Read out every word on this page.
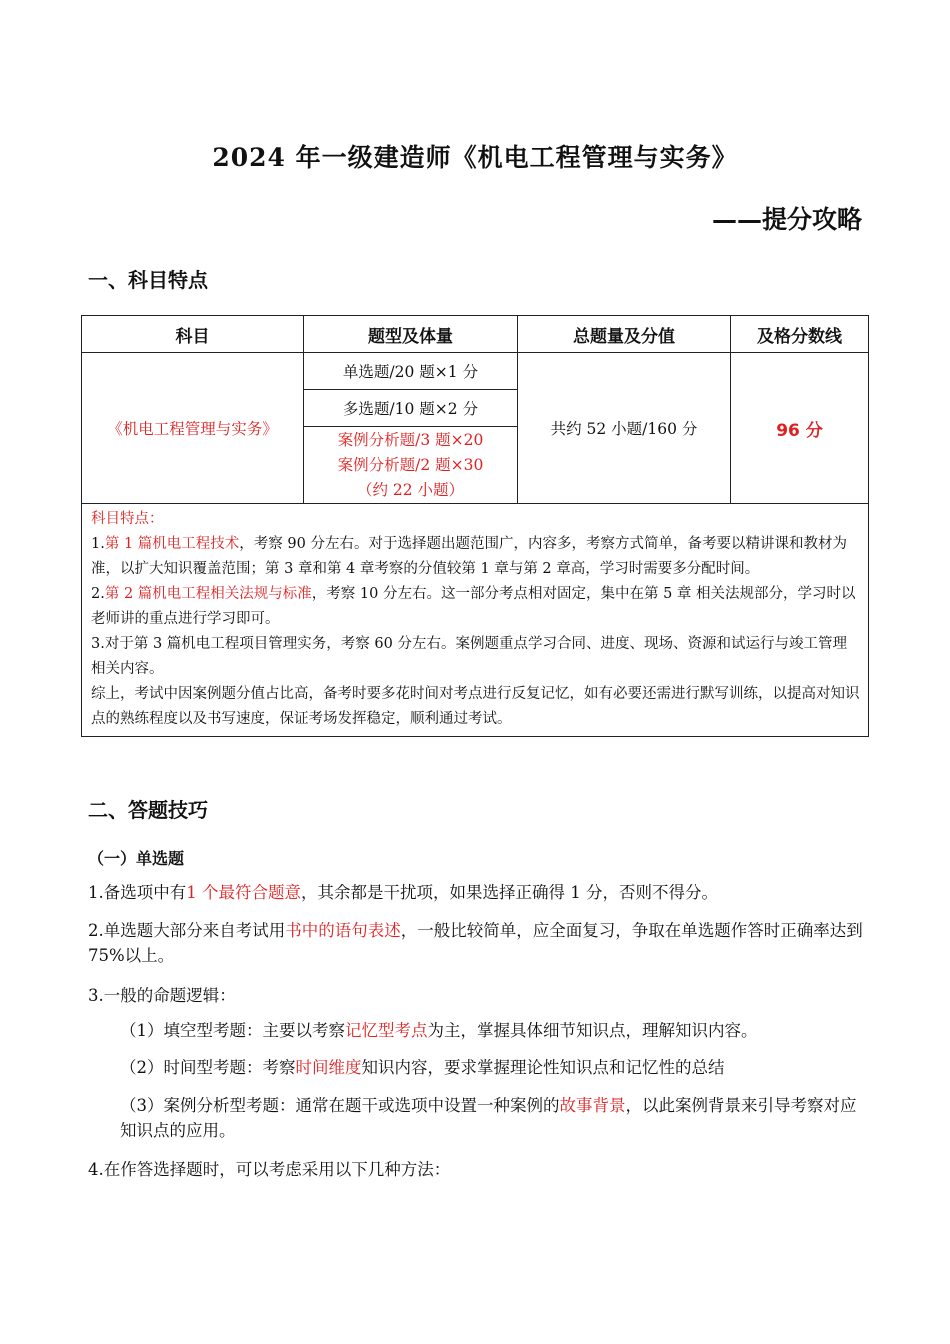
2024 年一级建造师《机电工程管理与实务》
——提分攻略
一、科目特点
科目	题型及体量	总题量及分值	及格分数线
《机电工程管理与实务》	单选题/20 题×1 分	共约 52 小题/160 分	96 分
	多选题/10 题×2 分		

	案例分析题/3 题×20
案例分析题/2 题×30
（约 22 小题）		

科目特点：
1.第 1 篇机电工程技术，考察 90 分左右。对于选择题出题范围广，内容多，考察方式简单，备考要以精讲课和教材为准，以扩大知识覆盖范围；第 3 章和第 4 章考察的分值较第 1 章与第 2 章高，学习时需要多分配时间。
2.第 2 篇机电工程相关法规与标准，考察 10 分左右。这一部分考点相对固定，集中在第 5 章 相关法规部分，学习时以老师讲的重点进行学习即可。
3.对于第 3 篇机电工程项目管理实务，考察 60 分左右。案例题重点学习合同、进度、现场、资源和试运行与竣工管理相关内容。
综上，考试中因案例题分值占比高，备考时要多花时间对考点进行反复记忆，如有必要还需进行默写训练，以提高对知识点的熟练程度以及书写速度，保证考场发挥稳定，顺利通过考试。			
二、答题技巧
（一）单选题
1.备选项中有1 个最符合题意，其余都是干扰项，如果选择正确得 1 分，否则不得分。
2.单选题大部分来自考试用书中的语句表述，一般比较简单，应全面复习，争取在单选题作答时正确率达到 75%以上。
3.一般的命题逻辑：
（1）填空型考题：主要以考察记忆型考点为主，掌握具体细节知识点，理解知识内容。
（2）时间型考题：考察时间维度知识内容，要求掌握理论性知识点和记忆性的总结
（3）案例分析型考题：通常在题干或选项中设置一种案例的故事背景，以此案例背景来引导考察对应知识点的应用。
4.在作答选择题时，可以考虑采用以下几种方法：
